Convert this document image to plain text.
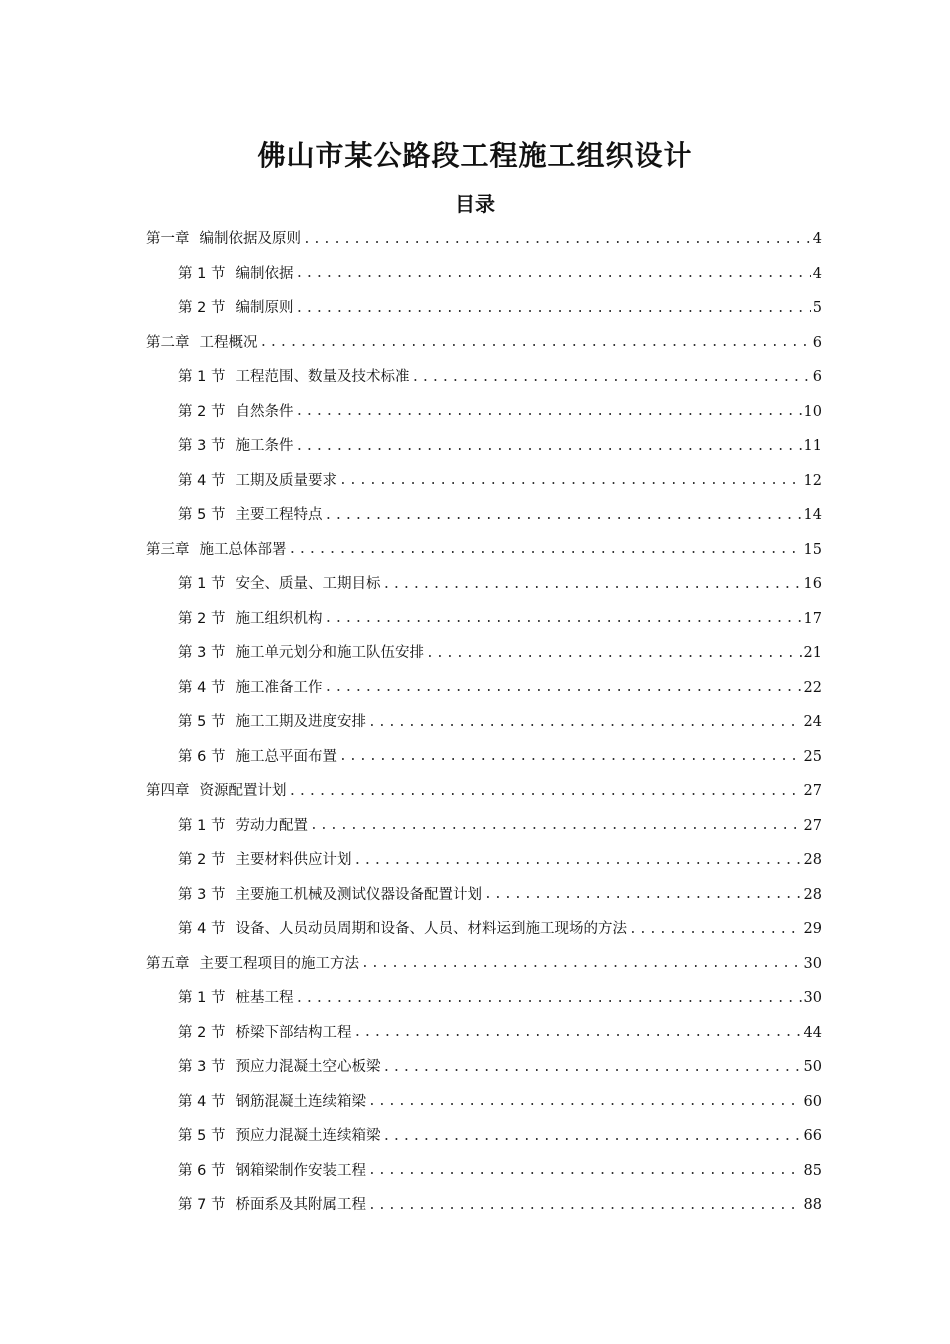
佛山市某公路段工程施工组织设计
目录
第一章 编制依据及原则 .....	4
第 1 节 编制依据 .....	4
第 2 节 编制原则 .....	5
第二章 工程概况 .....	6
第 1 节 工程范围、数量及技术标准 .....	6
第 2 节 自然条件 .....	10
第 3 节 施工条件 .....	11
第 4 节 工期及质量要求 .....	12
第 5 节 主要工程特点 .....	14
第三章 施工总体部署 .....	15
第 1 节 安全、质量、工期目标 .....	16
第 2 节 施工组织机构 .....	17
第 3 节 施工单元划分和施工队伍安排 .....	21
第 4 节 施工准备工作 .....	22
第 5 节 施工工期及进度安排 .....	24
第 6 节 施工总平面布置 .....	25
第四章 资源配置计划 .....	27
第 1 节 劳动力配置 .....	27
第 2 节 主要材料供应计划 .....	28
第 3 节 主要施工机械及测试仪器设备配置计划 .....	28
第 4 节 设备、人员动员周期和设备、人员、材料运到施工现场的方法 .....	29
第五章 主要工程项目的施工方法 .....	30
第 1 节 桩基工程 .....	30
第 2 节 桥梁下部结构工程 .....	44
第 3 节 预应力混凝土空心板梁 .....	50
第 4 节 钢筋混凝土连续箱梁 .....	60
第 5 节 预应力混凝土连续箱梁 .....	66
第 6 节 钢箱梁制作安装工程 .....	85
第 7 节 桥面系及其附属工程 .....	88
